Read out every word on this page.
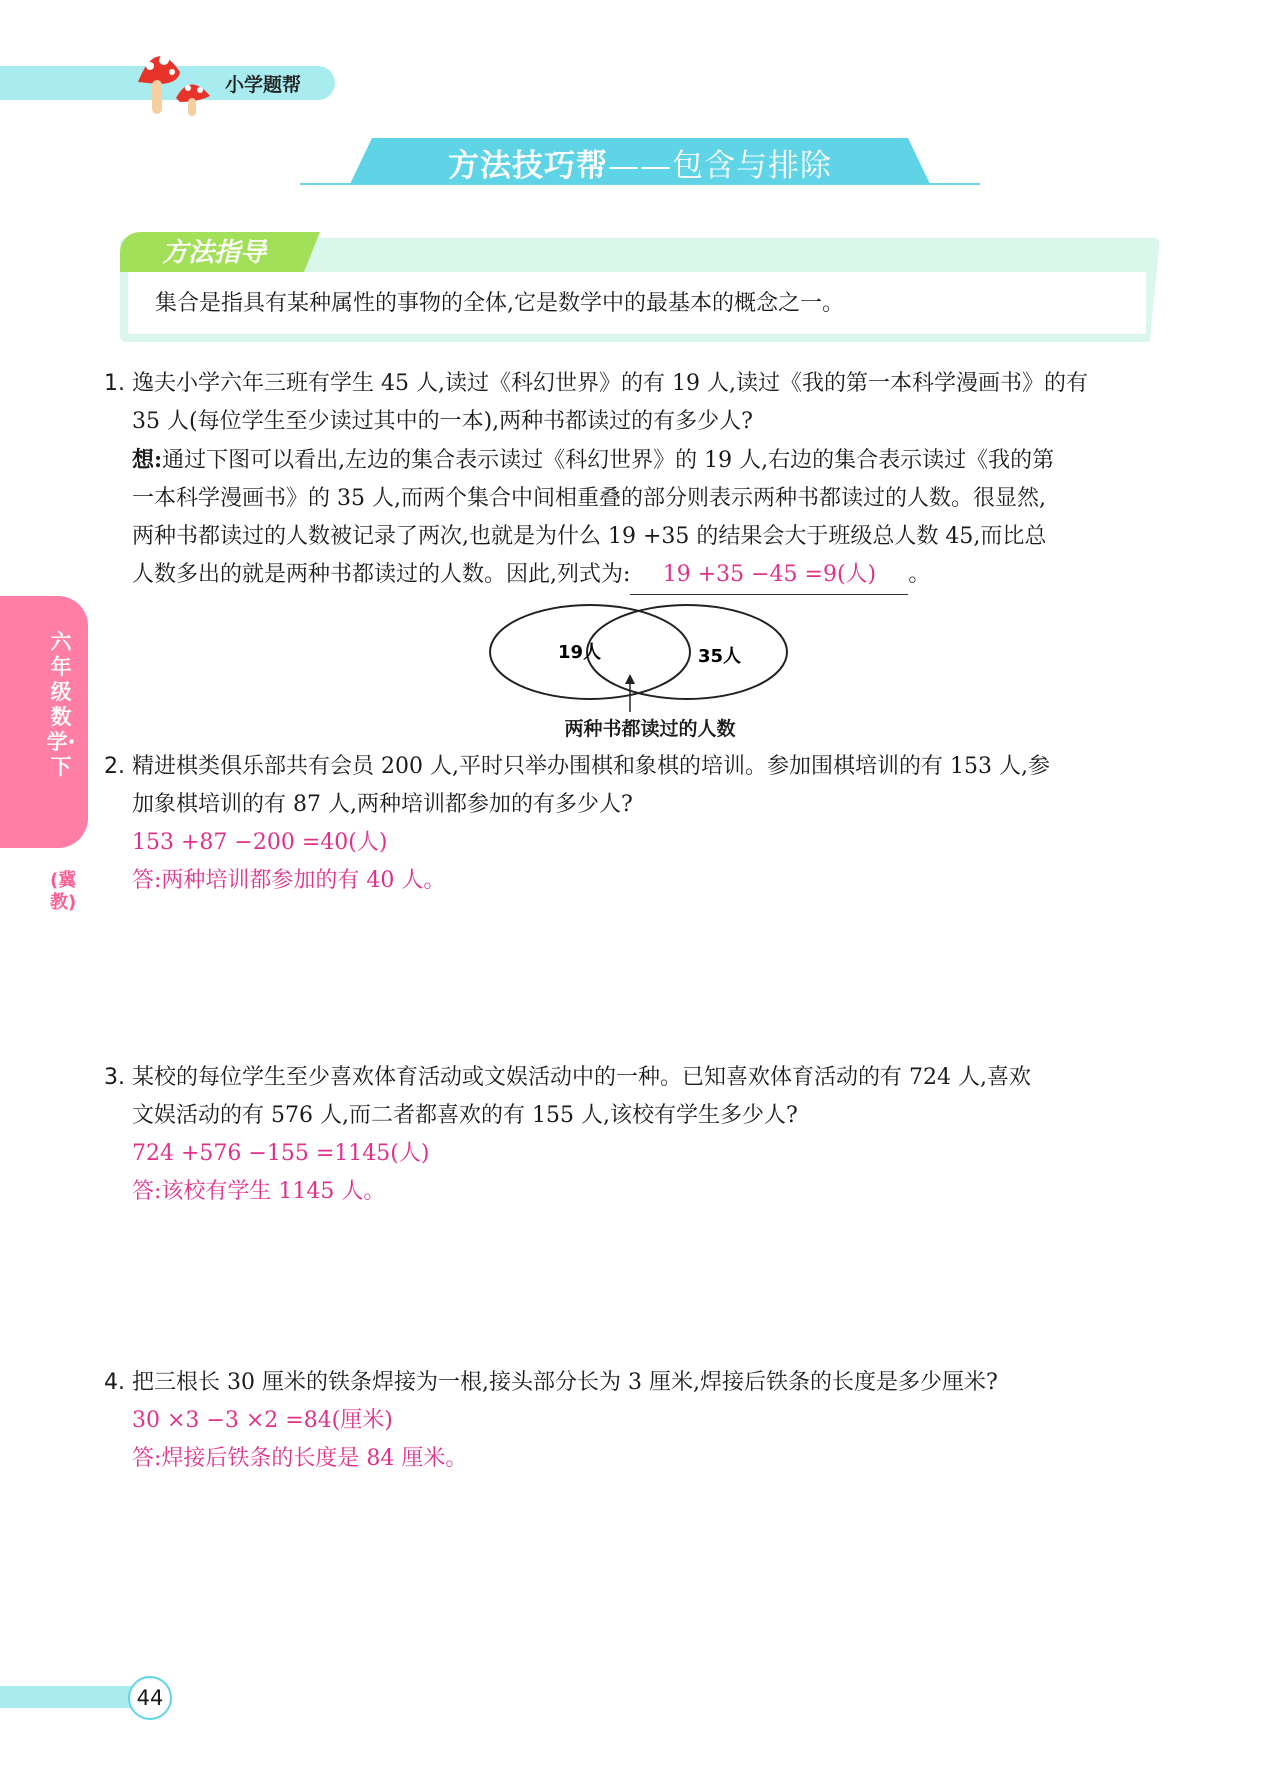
小学题帮
方法技巧帮——包含与排除
方法指导
集合是指具有某种属性的事物的全体,它是数学中的最基本的概念之一。
1. 逸夫小学六年三班有学生 45 人,读过《科幻世界》的有 19 人,读过《我的第一本科学漫画书》的有
35 人(每位学生至少读过其中的一本),两种书都读过的有多少人?
想:通过下图可以看出,左边的集合表示读过《科幻世界》的 19 人,右边的集合表示读过《我的第
一本科学漫画书》的 35 人,而两个集合中间相重叠的部分则表示两种书都读过的人数。很显然,
两种书都读过的人数被记录了两次,也就是为什么 19 +35 的结果会大于班级总人数 45,而比总
人数多出的就是两种书都读过的人数。因此,列式为: 19 +35 −45 =9(人) 。
19人	35人
两种书都读过的人数
2. 精进棋类俱乐部共有会员 200 人,平时只举办围棋和象棋的培训。参加围棋培训的有 153 人,参
加象棋培训的有 87 人,两种培训都参加的有多少人?
153 +87 −200 =40(人)
答:两种培训都参加的有 40 人。
3. 某校的每位学生至少喜欢体育活动或文娱活动中的一种。已知喜欢体育活动的有 724 人,喜欢
文娱活动的有 576 人,而二者都喜欢的有 155 人,该校有学生多少人?
724 +576 −155 =1145(人)
答:该校有学生 1145 人。
4. 把三根长 30 厘米的铁条焊接为一根,接头部分长为 3 厘米,焊接后铁条的长度是多少厘米?
30 ×3 −3 ×2 =84(厘米)
答:焊接后铁条的长度是 84 厘米。
六年级数学·下
(冀教)
44
